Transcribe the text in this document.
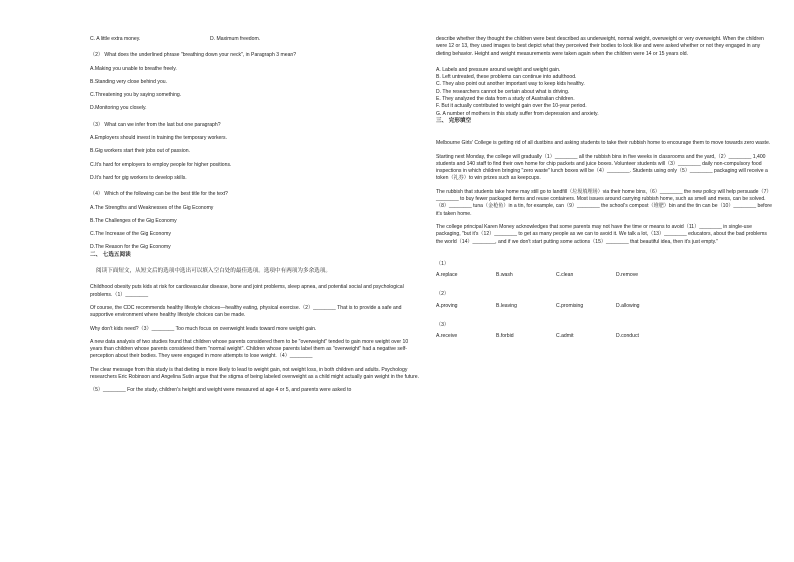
C. A little extra money.	D. Maximum freedom.

（2） What does the underlined phrase "breathing down your neck", in Paragraph 3 mean?

A.Making you unable to breathe freely.

B.Standing very close behind you.

C.Threatening you by saying something.

D.Monitoring you closely.

（3） What can we infer from the last but one paragraph?

A.Employers should invest in training the temporary workers.

B.Gig workers start their jobs out of passion.

C.It's hard for employers to employ people for higher positions.

D.It's hard for gig workers to develop skills.

（4） Which of the following can be the best title for the text?

A.The Strengths and Weaknesses of the Gig Economy

B.The Challenges of the Gig Economy

C.The Increase of the Gig Economy

D.The Reason for the Gig Economy

二、 七选五阅读

阅读下面短文，从短文后的选项中选出可以填入空白处的最佳选项。选项中有两项为多余选项。

Childhood obesity puts kids at risk for cardiovascular disease, bone and joint problems, sleep apnea, and potential social and psychological problems.（1）________

Of course, the CDC recommends healthy lifestyle choices—healthy eating, physical exercise.（2）________ That is to provide a safe and supportive environment where healthy lifestyle choices can be made.

Why don't kids need?（3）________ Too much focus on overweight leads toward more weight gain.

A new data analysis of two studies found that children whose parents considered them to be "overweight" tended to gain more weight over 10 years than children whose parents considered them "normal weight". Children whose parents label them as "overweight" had a negative self-perception about their bodies. They were engaged in more attempts to lose weight.（4）________

The clear message from this study is that dieting is more likely to lead to weight gain, not weight loss, in both children and adults. Psychology researchers Eric Robinson and Angelina Sutin argue that the stigma of being labeled overweight as a child might actually gain weight in the future.

（5）________ For the study, children's height and weight were measured at age 4 or 5, and parents were asked to

describe whether they thought the children were best described as underweight, normal weight, overweight or very overweight. When the children were 12 or 13, they used images to best depict what they perceived their bodies to look like and were asked whether or not they engaged in any dieting behavior. Height and weight measurements were taken again when the children were 14 or 15 years old.

A. Labels and pressure around weight and weight gain.

B. Left untreated, these problems can continue into adulthood.

C. They also point out another important way to keep kids healthy.

D. The researchers cannot be certain about what is driving.

E. They analyzed the data from a study of Australian children.

F. But it actually contributed to weight gain over the 10-year period.

G. A number of mothers in this study suffer from depression and anxiety.

三、 完形填空

Melbourne Girls' College is getting rid of all dustbins and asking students to take their rubbish home to encourage them to move towards zero waste.

Starting next Monday, the college will gradually（1）________ all the rubbish bins in five weeks in classrooms and the yard,（2）________ 1,400 students and 140 staff to find their own home for chip packets and juice boxes. Volunteer students will（3）________ daily non-compulsory food inspections in which children bringing "zero waste" lunch boxes will be（4）________. Students using only（5）________ packaging will receive a token（礼券）to win prizes such as keepcups.

The rubbish that students take home may still go to landfill（垃圾填埋场）via their home bins,（6）________ the new policy will help persuade（7）________ to buy fewer packaged items and reuse containers. Most issues around carrying rubbish home, such as smell and mess, can be solved.（8）________ tuna（金枪鱼）in a tin, for example, can（9）________ the school's compost（堆肥）bin and the tin can be（10）________ before it's taken home.

The college principal Karen Money acknowledges that some parents may not have the time or means to avoid（11）________ in single-use packaging, "but it's（12）________ to get as many people as we can to avoid it. We talk a lot,（13）________ educators, about the bad problems the world（14）________, and if we don't start putting some actions（15）________ that beautiful idea, then it's just empty."

（1）

A.replace	B.wash	C.clean	D.remove

（2）

A.proving	B.leaving	C.promising	D.allowing

（3）

A.receive	B.forbid	C.admit	D.conduct
